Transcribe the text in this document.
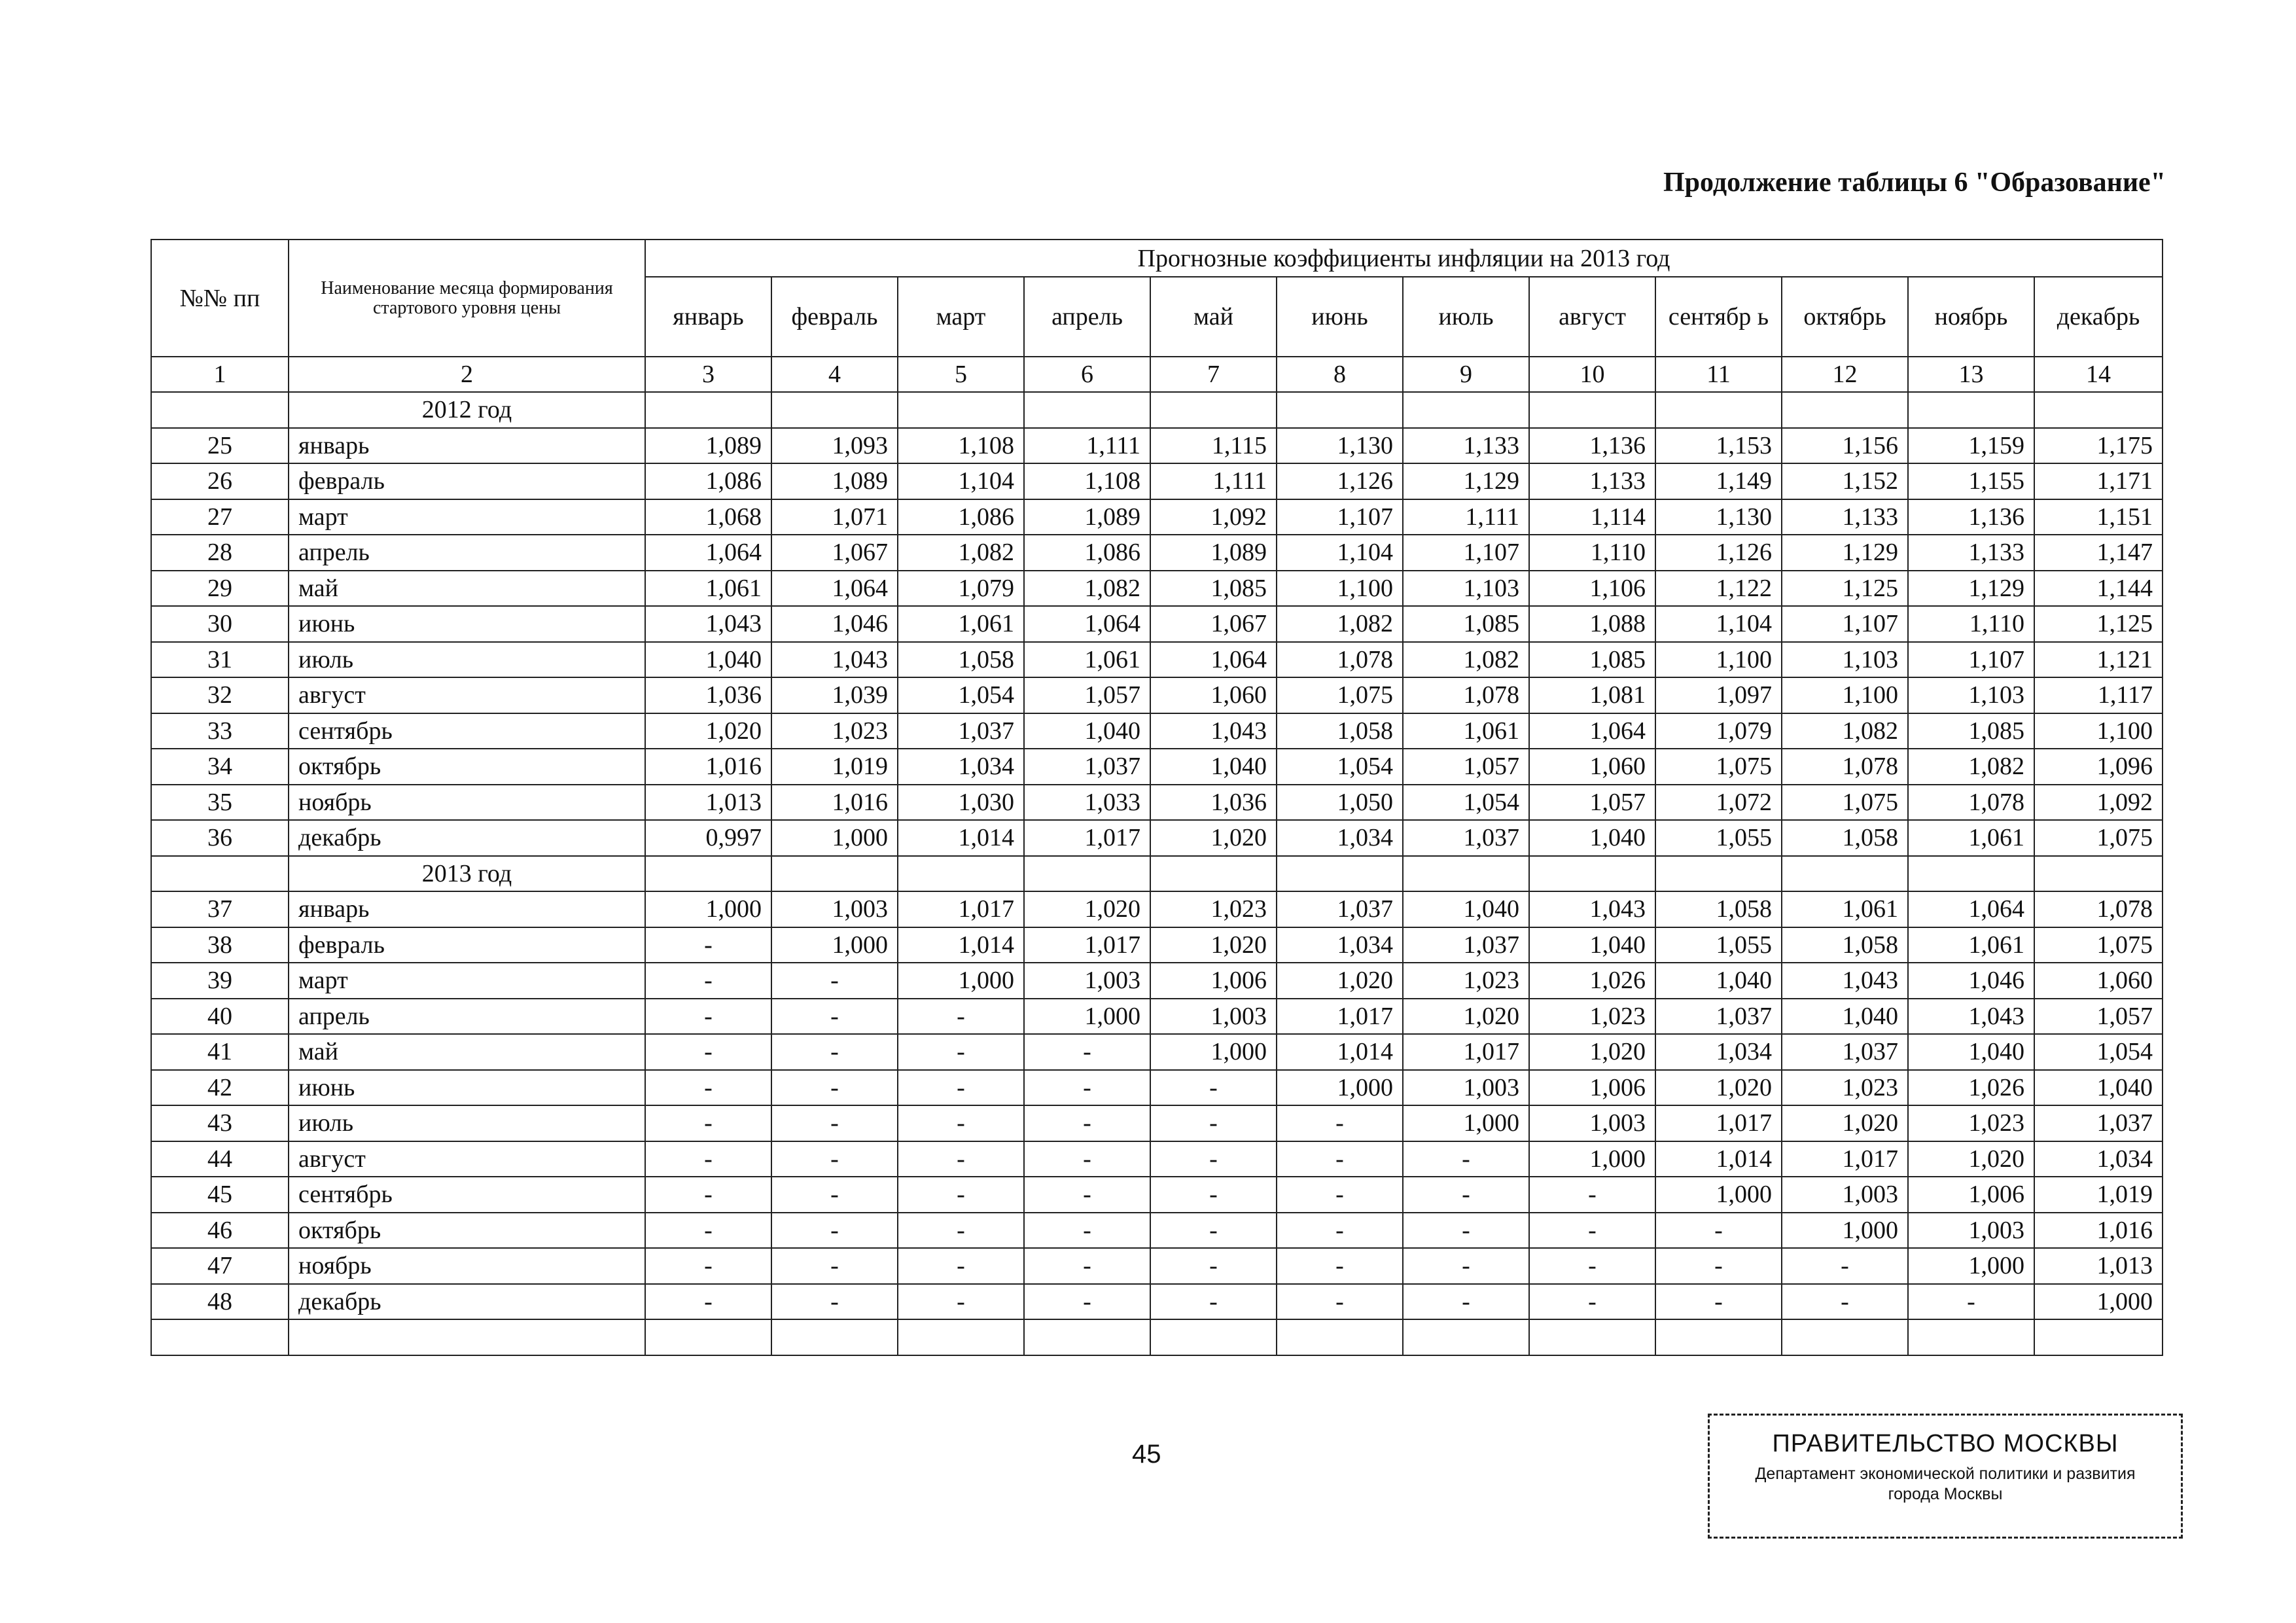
Продолжение таблицы 6 "Образование"
№№ пп	Наименование месяца формирования стартового уровня цены	Прогнозные коэффициенты инфляции на 2013 год											
		январь	февраль	март	апрель	май	июнь	июль	август	сентябр ь	октябрь	ноябрь	декабрь
1	2	3	4	5	6	7	8	9	10	11	12	13	14
	2012 год												
25	январь	1,089	1,093	1,108	1,111	1,115	1,130	1,133	1,136	1,153	1,156	1,159	1,175
26	февраль	1,086	1,089	1,104	1,108	1,111	1,126	1,129	1,133	1,149	1,152	1,155	1,171
27	март	1,068	1,071	1,086	1,089	1,092	1,107	1,111	1,114	1,130	1,133	1,136	1,151
28	апрель	1,064	1,067	1,082	1,086	1,089	1,104	1,107	1,110	1,126	1,129	1,133	1,147
29	май	1,061	1,064	1,079	1,082	1,085	1,100	1,103	1,106	1,122	1,125	1,129	1,144
30	июнь	1,043	1,046	1,061	1,064	1,067	1,082	1,085	1,088	1,104	1,107	1,110	1,125
31	июль	1,040	1,043	1,058	1,061	1,064	1,078	1,082	1,085	1,100	1,103	1,107	1,121
32	август	1,036	1,039	1,054	1,057	1,060	1,075	1,078	1,081	1,097	1,100	1,103	1,117
33	сентябрь	1,020	1,023	1,037	1,040	1,043	1,058	1,061	1,064	1,079	1,082	1,085	1,100
34	октябрь	1,016	1,019	1,034	1,037	1,040	1,054	1,057	1,060	1,075	1,078	1,082	1,096
35	ноябрь	1,013	1,016	1,030	1,033	1,036	1,050	1,054	1,057	1,072	1,075	1,078	1,092
36	декабрь	0,997	1,000	1,014	1,017	1,020	1,034	1,037	1,040	1,055	1,058	1,061	1,075
	2013 год												
37	январь	1,000	1,003	1,017	1,020	1,023	1,037	1,040	1,043	1,058	1,061	1,064	1,078
38	февраль	-	1,000	1,014	1,017	1,020	1,034	1,037	1,040	1,055	1,058	1,061	1,075
39	март	-	-	1,000	1,003	1,006	1,020	1,023	1,026	1,040	1,043	1,046	1,060
40	апрель	-	-	-	1,000	1,003	1,017	1,020	1,023	1,037	1,040	1,043	1,057
41	май	-	-	-	-	1,000	1,014	1,017	1,020	1,034	1,037	1,040	1,054
42	июнь	-	-	-	-	-	1,000	1,003	1,006	1,020	1,023	1,026	1,040
43	июль	-	-	-	-	-	-	1,000	1,003	1,017	1,020	1,023	1,037
44	август	-	-	-	-	-	-	-	1,000	1,014	1,017	1,020	1,034
45	сентябрь	-	-	-	-	-	-	-	-	1,000	1,003	1,006	1,019
46	октябрь	-	-	-	-	-	-	-	-	-	1,000	1,003	1,016
47	ноябрь	-	-	-	-	-	-	-	-	-	-	1,000	1,013
48	декабрь	-	-	-	-	-	-	-	-	-	-	-	1,000

45	ПРАВИТЕЛЬСТВО МОСКВЫ
Департамент экономической политики и развития
города Москвы
